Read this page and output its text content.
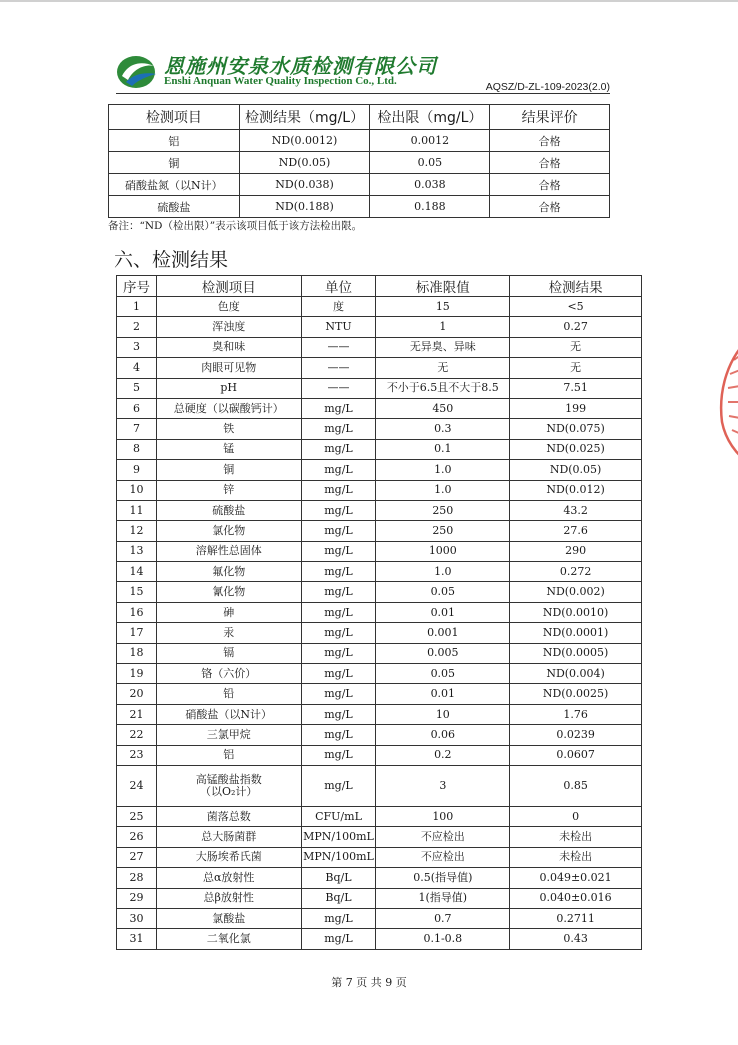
恩施州安泉水质检测有限公司
Enshi Anquan Water Quality Inspection Co., Ltd.	AQSZ/D-ZL-109-2023(2.0)
检测项目	检测结果（mg/L）	检出限（mg/L）	结果评价
铝	ND(0.0012)	0.0012	合格
铜	ND(0.05)	0.05	合格
硝酸盐氮（以N计）	ND(0.038)	0.038	合格
硫酸盐	ND(0.188)	0.188	合格
备注：“ND（检出限）”表示该项目低于该方法检出限。
六、检测结果
序号	检测项目	单位	标准限值	检测结果
1	色度	度	15	<5
2	浑浊度	NTU	1	0.27
3	臭和味	——	无异臭、异味	无
4	肉眼可见物	——	无	无
5	pH	——	不小于6.5且不大于8.5	7.51
6	总硬度（以碳酸钙计）	mg/L	450	199
7	铁	mg/L	0.3	ND(0.075)
8	锰	mg/L	0.1	ND(0.025)
9	铜	mg/L	1.0	ND(0.05)
10	锌	mg/L	1.0	ND(0.012)
11	硫酸盐	mg/L	250	43.2
12	氯化物	mg/L	250	27.6
13	溶解性总固体	mg/L	1000	290
14	氟化物	mg/L	1.0	0.272
15	氰化物	mg/L	0.05	ND(0.002)
16	砷	mg/L	0.01	ND(0.0010)
17	汞	mg/L	0.001	ND(0.0001)
18	镉	mg/L	0.005	ND(0.0005)
19	铬（六价）	mg/L	0.05	ND(0.004)
20	铅	mg/L	0.01	ND(0.0025)
21	硝酸盐（以N计）	mg/L	10	1.76
22	三氯甲烷	mg/L	0.06	0.0239
23	铝	mg/L	0.2	0.0607
24	高锰酸盐指数
（以O₂计）	mg/L	3	0.85
25	菌落总数	CFU/mL	100	0
26	总大肠菌群	MPN/100mL	不应检出	未检出
27	大肠埃希氏菌	MPN/100mL	不应检出	未检出
28	总α放射性	Bq/L	0.5(指导值)	0.049±0.021
29	总β放射性	Bq/L	1(指导值)	0.040±0.016
30	氯酸盐	mg/L	0.7	0.2711
31	二氧化氯	mg/L	0.1-0.8	0.43
第 7 页 共 9 页
